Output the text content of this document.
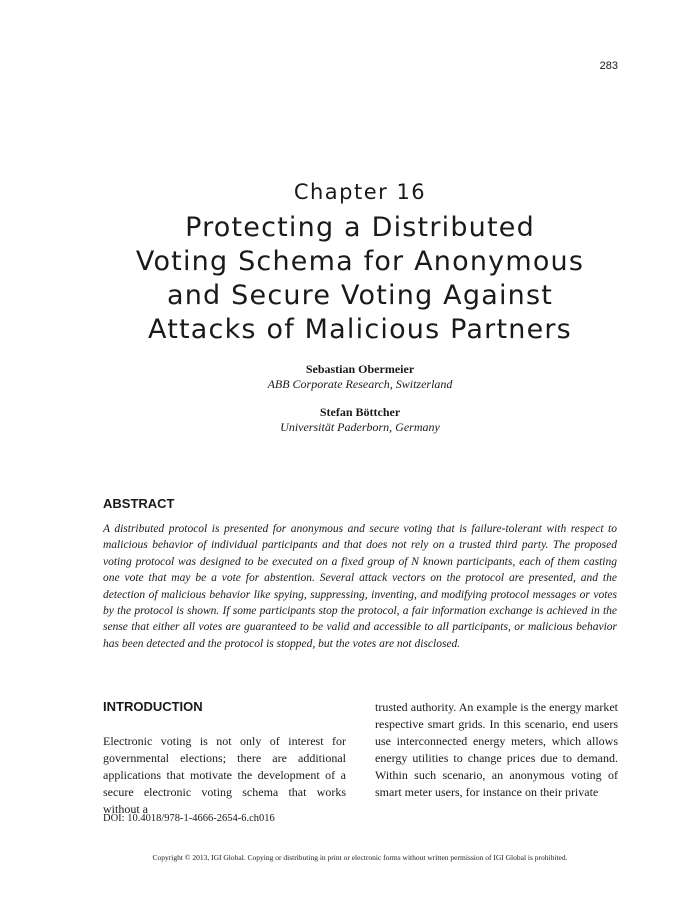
283
Chapter 16
Protecting a Distributed
Voting Schema for Anonymous
and Secure Voting Against
Attacks of Malicious Partners
Sebastian Obermeier
ABB Corporate Research, Switzerland
Stefan Böttcher
Universität Paderborn, Germany
ABSTRACT

A distributed protocol is presented for anonymous and secure voting that is failure-tolerant with respect to malicious behavior of individual participants and that does not rely on a trusted third party. The proposed voting protocol was designed to be executed on a fixed group of N known participants, each of them casting one vote that may be a vote for abstention. Several attack vectors on the protocol are presented, and the detection of malicious behavior like spying, suppressing, inventing, and modifying protocol messages or votes by the protocol is shown. If some participants stop the protocol, a fair information exchange is achieved in the sense that either all votes are guaranteed to be valid and accessible to all participants, or malicious behavior has been detected and the protocol is stopped, but the votes are not disclosed.

INTRODUCTION

Electronic voting is not only of interest for governmental elections; there are additional applications that motivate the development of a secure electronic voting schema that works without a

trusted authority. An example is the energy market respective smart grids. In this scenario, end users use interconnected energy meters, which allows energy utilities to change prices due to demand. Within such scenario, an anonymous voting of smart meter users, for instance on their private

DOI: 10.4018/978-1-4666-2654-6.ch016
Copyright © 2013, IGI Global. Copying or distributing in print or electronic forms without written permission of IGI Global is prohibited.
